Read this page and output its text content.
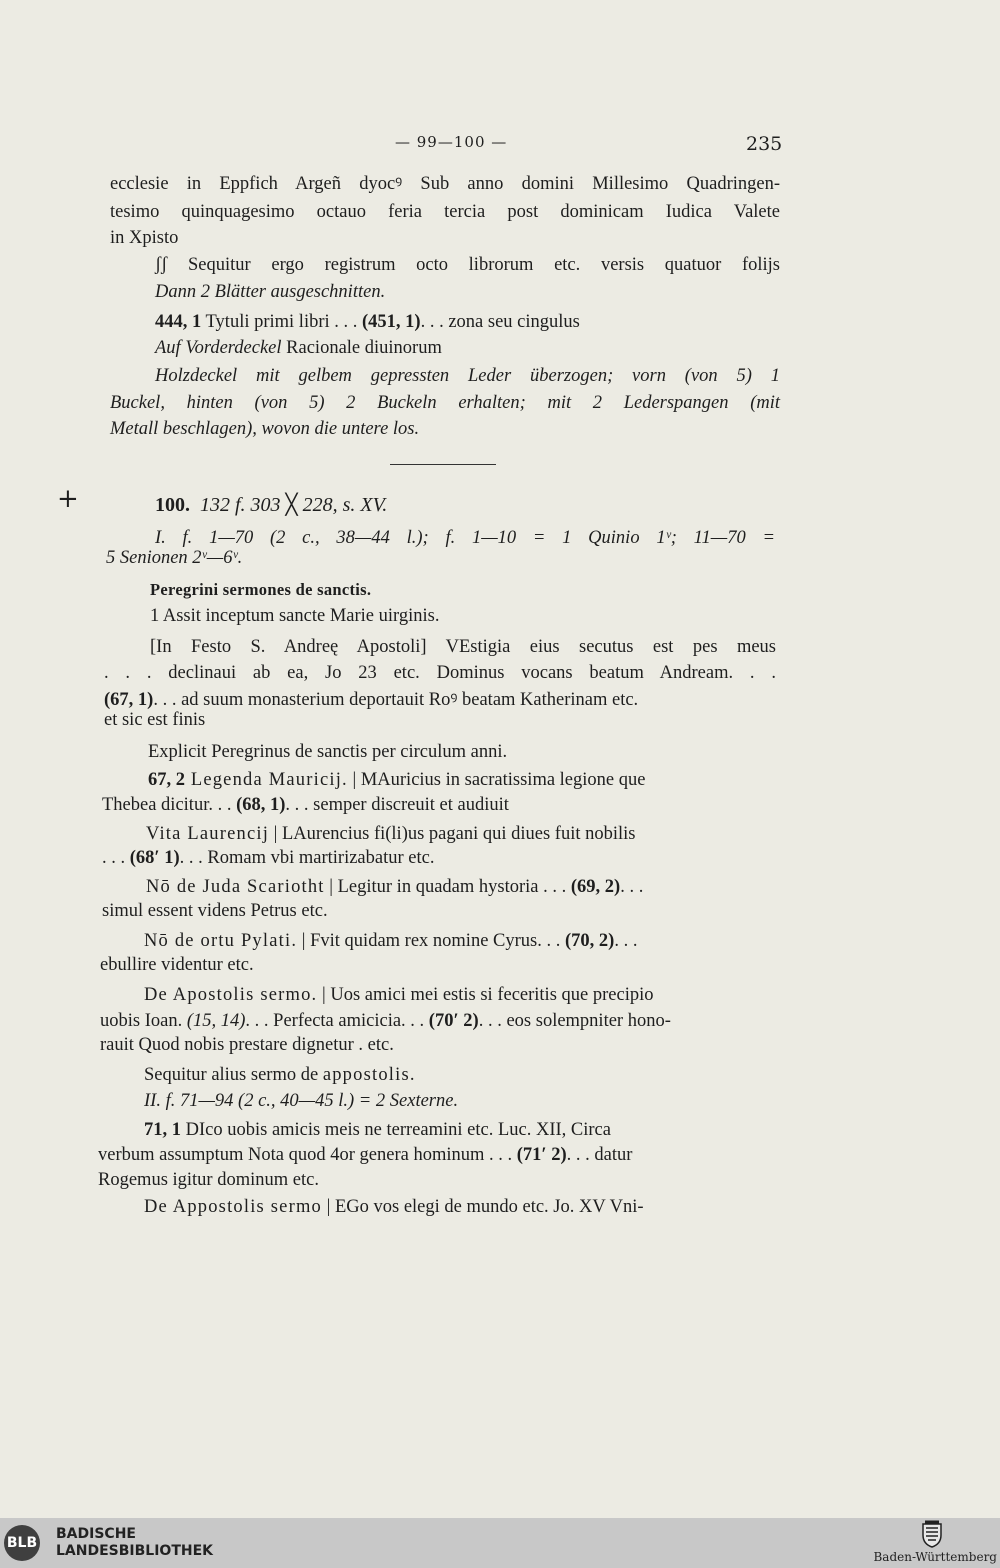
— 99—100 —	235
ecclesie in Eppfich Argeñ dyocꝰ Sub anno domini Millesimo Quadringen-
tesimo quinquagesimo octauo feria tercia post dominicam Iudica Valete
in Xpisto
ʃʃ Sequitur ergo registrum octo librorum etc. versis quatuor folijs
Dann 2 Blätter ausgeschnitten.
444, 1 Tytuli primi libri . . . (451, 1). . . zona seu cingulus
Auf Vorderdeckel Racionale diuinorum
Holzdeckel mit gelbem gepressten Leder überzogen; vorn (von 5) 1
Buckel, hinten (von 5) 2 Buckeln erhalten; mit 2 Lederspangen (mit
Metall beschlagen), wovon die untere los.
+	100.  132 f. 303 ╳ 228, s. XV.
I. f. 1—70 (2 c., 38—44 l.); f. 1—10 = 1 Quinio 1ᵛ; 11—70 =
5 Senionen 2ᵛ—6ᵛ.
Peregrini sermones de sanctis.
1 Assit inceptum sancte Marie uirginis.
[In Festo S. Andreę Apostoli] VEstigia eius secutus est pes meus
. . . declinaui ab ea, Jo 23 etc. Dominus vocans beatum Andream. . .
(67, 1). . . ad suum monasterium deportauit Roꝰ beatam Katherinam etc.
et sic est finis
Explicit Peregrinus de sanctis per circulum anni.
67, 2 Legenda Mauricij. | MAuricius in sacratissima legione que
Thebea dicitur. . . (68, 1). . . semper discreuit et audiuit
Vita Laurencij | LAurencius fi(li)us pagani qui diues fuit nobilis
. . . (68′ 1). . . Romam vbi martirizabatur etc.
Nō de Juda Scariotht | Legitur in quadam hystoria . . . (69, 2). . .
simul essent videns Petrus etc.
Nō de ortu Pylati. | Fvit quidam rex nomine Cyrus. . . (70, 2). . .
ebullire videntur etc.
De Apostolis sermo. | Uos amici mei estis si feceritis que precipio
uobis Ioan. (15, 14). . . Perfecta amicicia. . . (70′ 2). . . eos solempniter hono-
rauit Quod nobis prestare dignetur . etc.
Sequitur alius sermo de appostolis.
II. f. 71—94 (2 c., 40—45 l.) = 2 Sexterne.
71, 1 DIco uobis amicis meis ne terreamini etc. Luc. XII, Circa
verbum assumptum Nota quod 4or genera hominum . . . (71′ 2). . . datur
Rogemus igitur dominum etc.
De Appostolis sermo | EGo vos elegi de mundo etc. Jo. XV Vni-
BLB
BADISCHE
LANDESBIBLIOTHEK	Baden-Württemberg
